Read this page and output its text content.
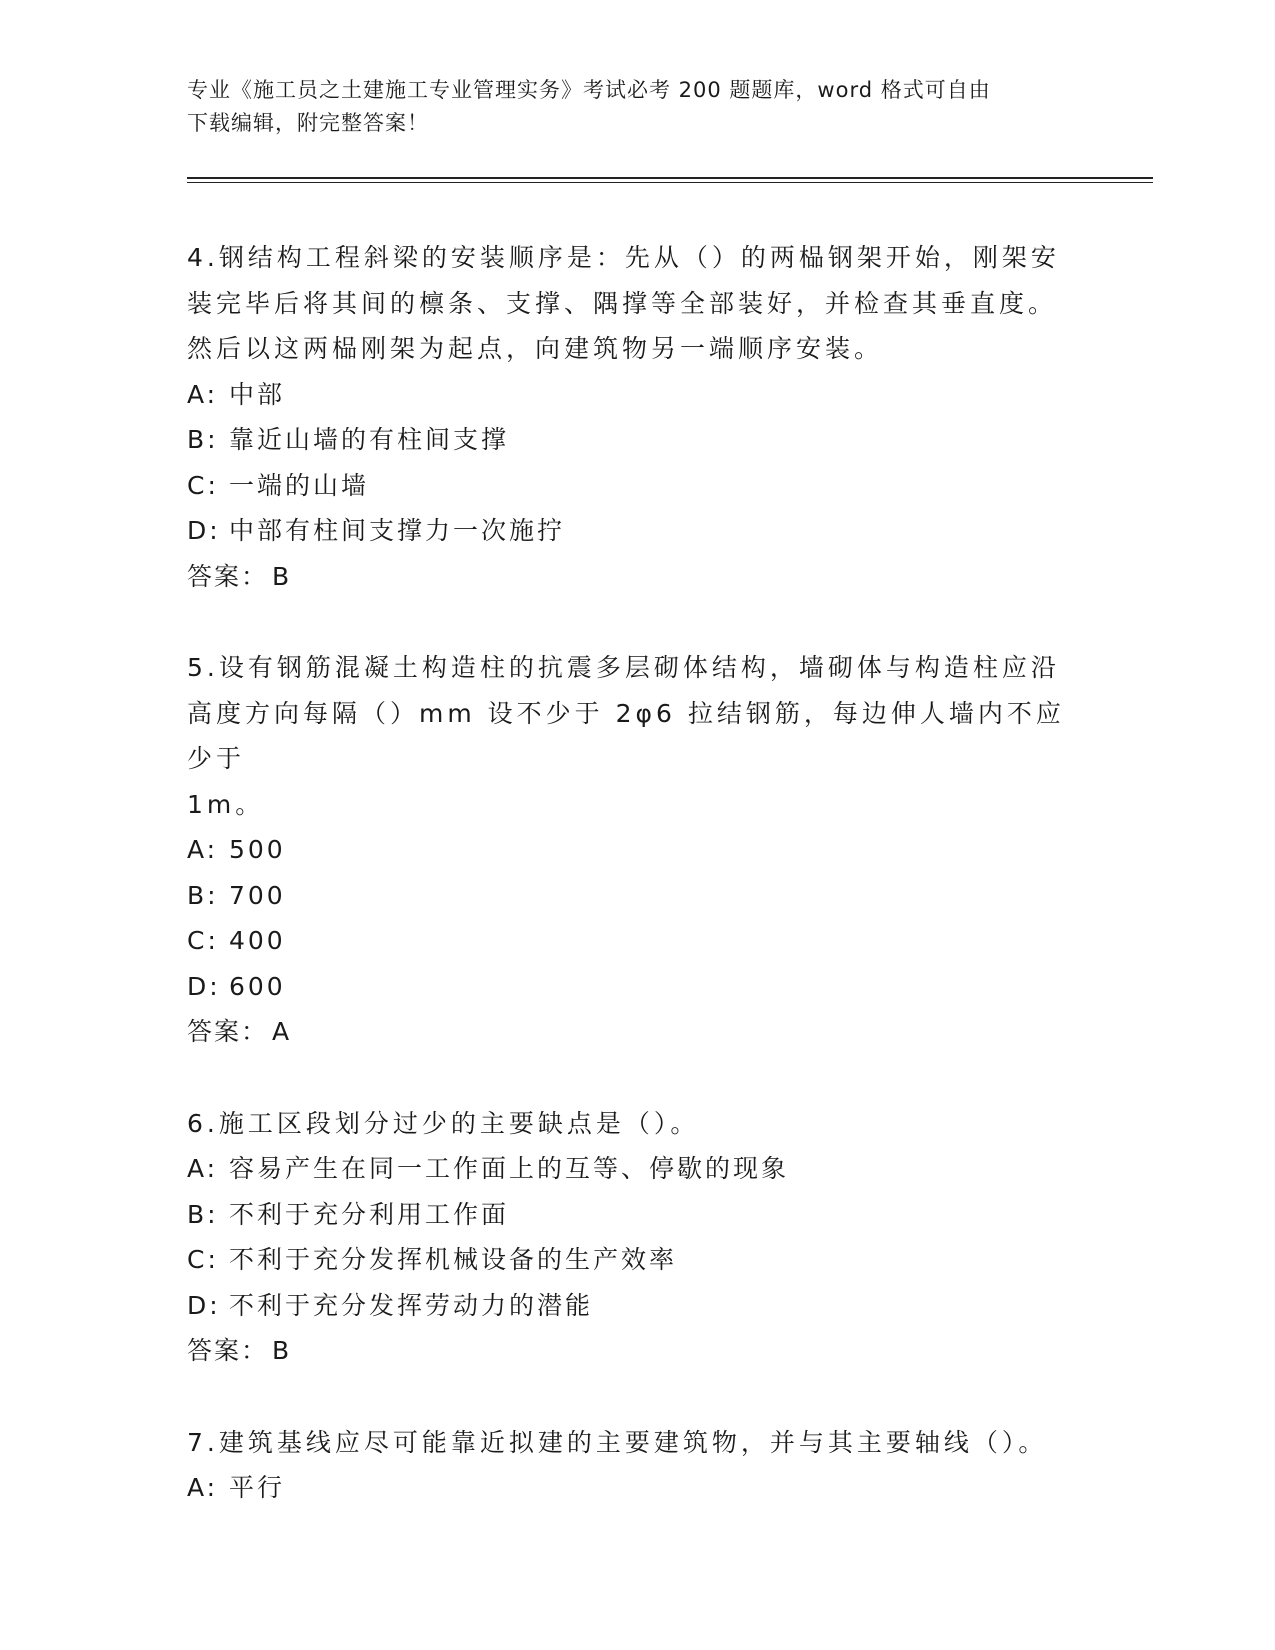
专业《施工员之土建施工专业管理实务》考试必考 200 题题库，word 格式可自由
下载编辑，附完整答案！
4.钢结构工程斜梁的安装顺序是：先从（）的两榀钢架开始，刚架安
装完毕后将其间的檩条、支撑、隅撑等全部装好，并检查其垂直度。
然后以这两榀刚架为起点，向建筑物另一端顺序安装。
A: 中部
B: 靠近山墙的有柱间支撑
C: 一端的山墙
D: 中部有柱间支撑力一次施拧
答案： B
5.设有钢筋混凝土构造柱的抗震多层砌体结构，墙砌体与构造柱应沿
高度方向每隔（）mm 设不少于 2φ6 拉结钢筋，每边伸人墙内不应少于
1m。
A: 500
B: 700
C: 400
D: 600
答案： A
6.施工区段划分过少的主要缺点是（）。
A: 容易产生在同一工作面上的互等、停歇的现象
B: 不利于充分利用工作面
C: 不利于充分发挥机械设备的生产效率
D: 不利于充分发挥劳动力的潜能
答案： B
7.建筑基线应尽可能靠近拟建的主要建筑物，并与其主要轴线（）。
A: 平行
